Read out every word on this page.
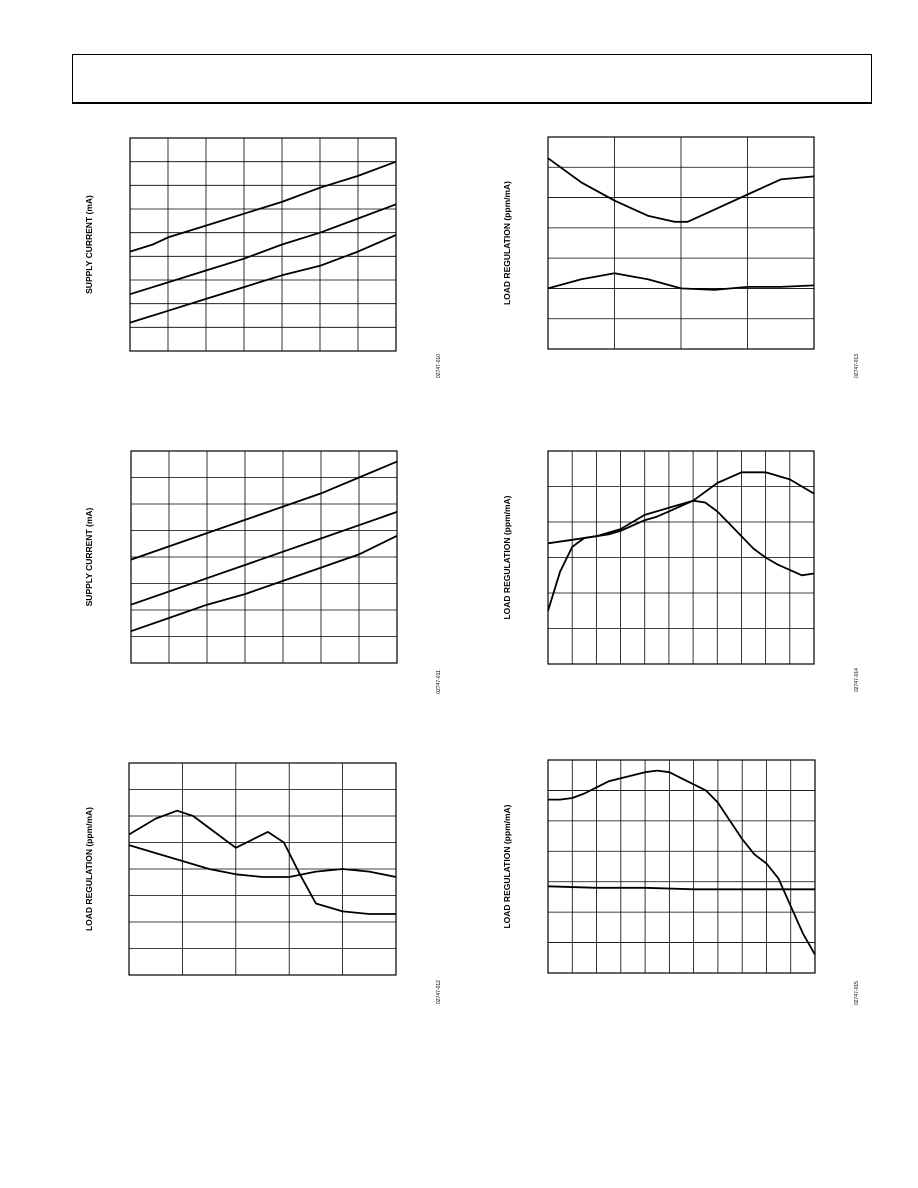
SUPPLY CURRENT (mA)
02747-010
SUPPLY CURRENT (mA)
02747-011
LOAD REGULATION (ppm/mA)
02747-012
LOAD REGULATION (ppm/mA)
02747-013
LOAD REGULATION (ppm/mA)
02747-014
LOAD REGULATION (ppm/mA)
02747-015
